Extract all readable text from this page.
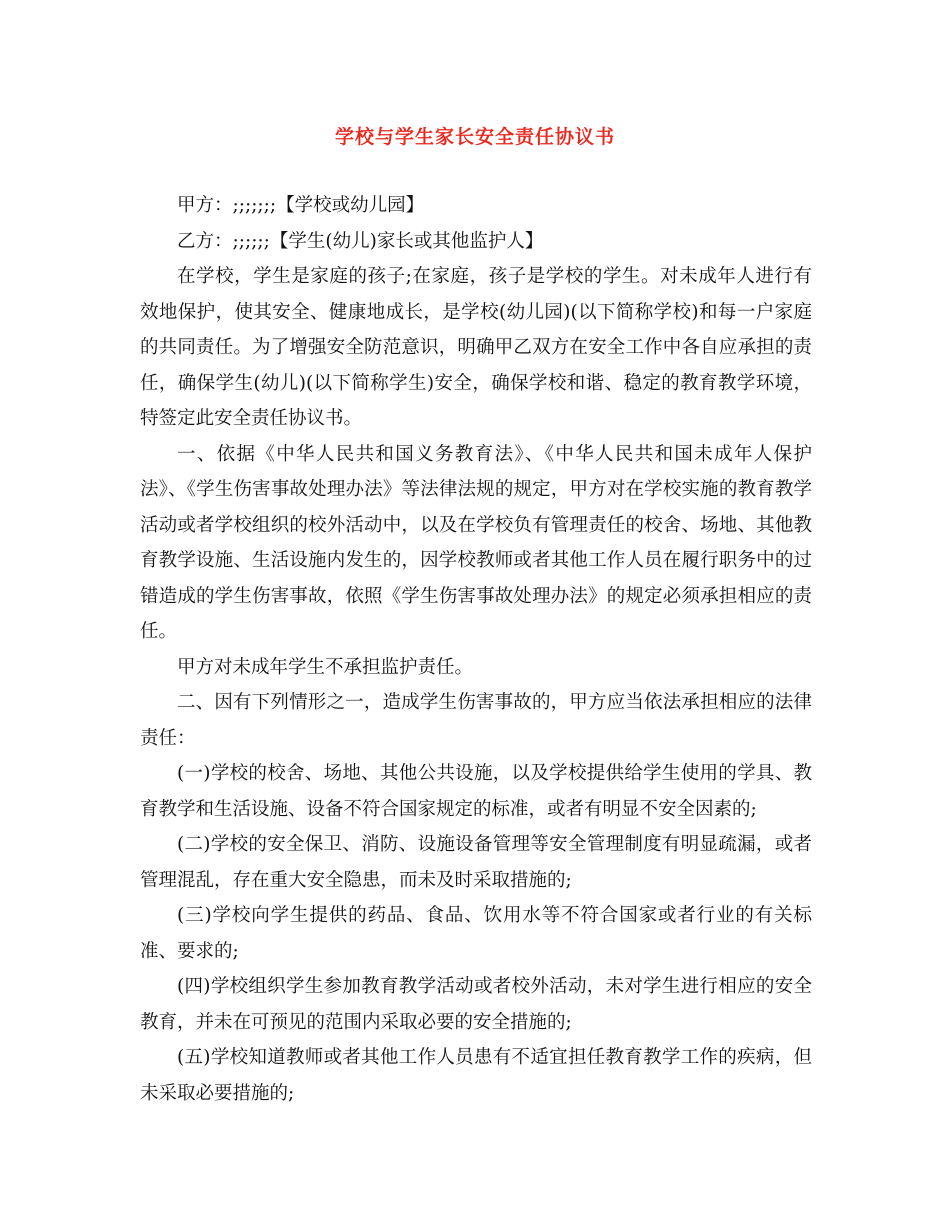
学校与学生家长安全责任协议书

甲方：;;;;;;;【学校或幼儿园】

乙方：;;;;;;【学生(幼儿)家长或其他监护人】

在学校，学生是家庭的孩子;在家庭，孩子是学校的学生。对未成年人进行有效地保护，使其安全、健康地成长，是学校(幼儿园)(以下简称学校)和每一户家庭的共同责任。为了增强安全防范意识，明确甲乙双方在安全工作中各自应承担的责任，确保学生(幼儿)(以下简称学生)安全，确保学校和谐、稳定的教育教学环境，特签定此安全责任协议书。

一、依据《中华人民共和国义务教育法》、《中华人民共和国未成年人保护法》、《学生伤害事故处理办法》等法律法规的规定，甲方对在学校实施的教育教学活动或者学校组织的校外活动中，以及在学校负有管理责任的校舍、场地、其他教育教学设施、生活设施内发生的，因学校教师或者其他工作人员在履行职务中的过错造成的学生伤害事故，依照《学生伤害事故处理办法》的规定必须承担相应的责任。

甲方对未成年学生不承担监护责任。

二、因有下列情形之一，造成学生伤害事故的，甲方应当依法承担相应的法律责任：

(一)学校的校舍、场地、其他公共设施，以及学校提供给学生使用的学具、教育教学和生活设施、设备不符合国家规定的标准，或者有明显不安全因素的;

(二)学校的安全保卫、消防、设施设备管理等安全管理制度有明显疏漏，或者管理混乱，存在重大安全隐患，而未及时采取措施的;

(三)学校向学生提供的药品、食品、饮用水等不符合国家或者行业的有关标准、要求的;

(四)学校组织学生参加教育教学活动或者校外活动，未对学生进行相应的安全教育，并未在可预见的范围内采取必要的安全措施的;

(五)学校知道教师或者其他工作人员患有不适宜担任教育教学工作的疾病，但未采取必要措施的;
